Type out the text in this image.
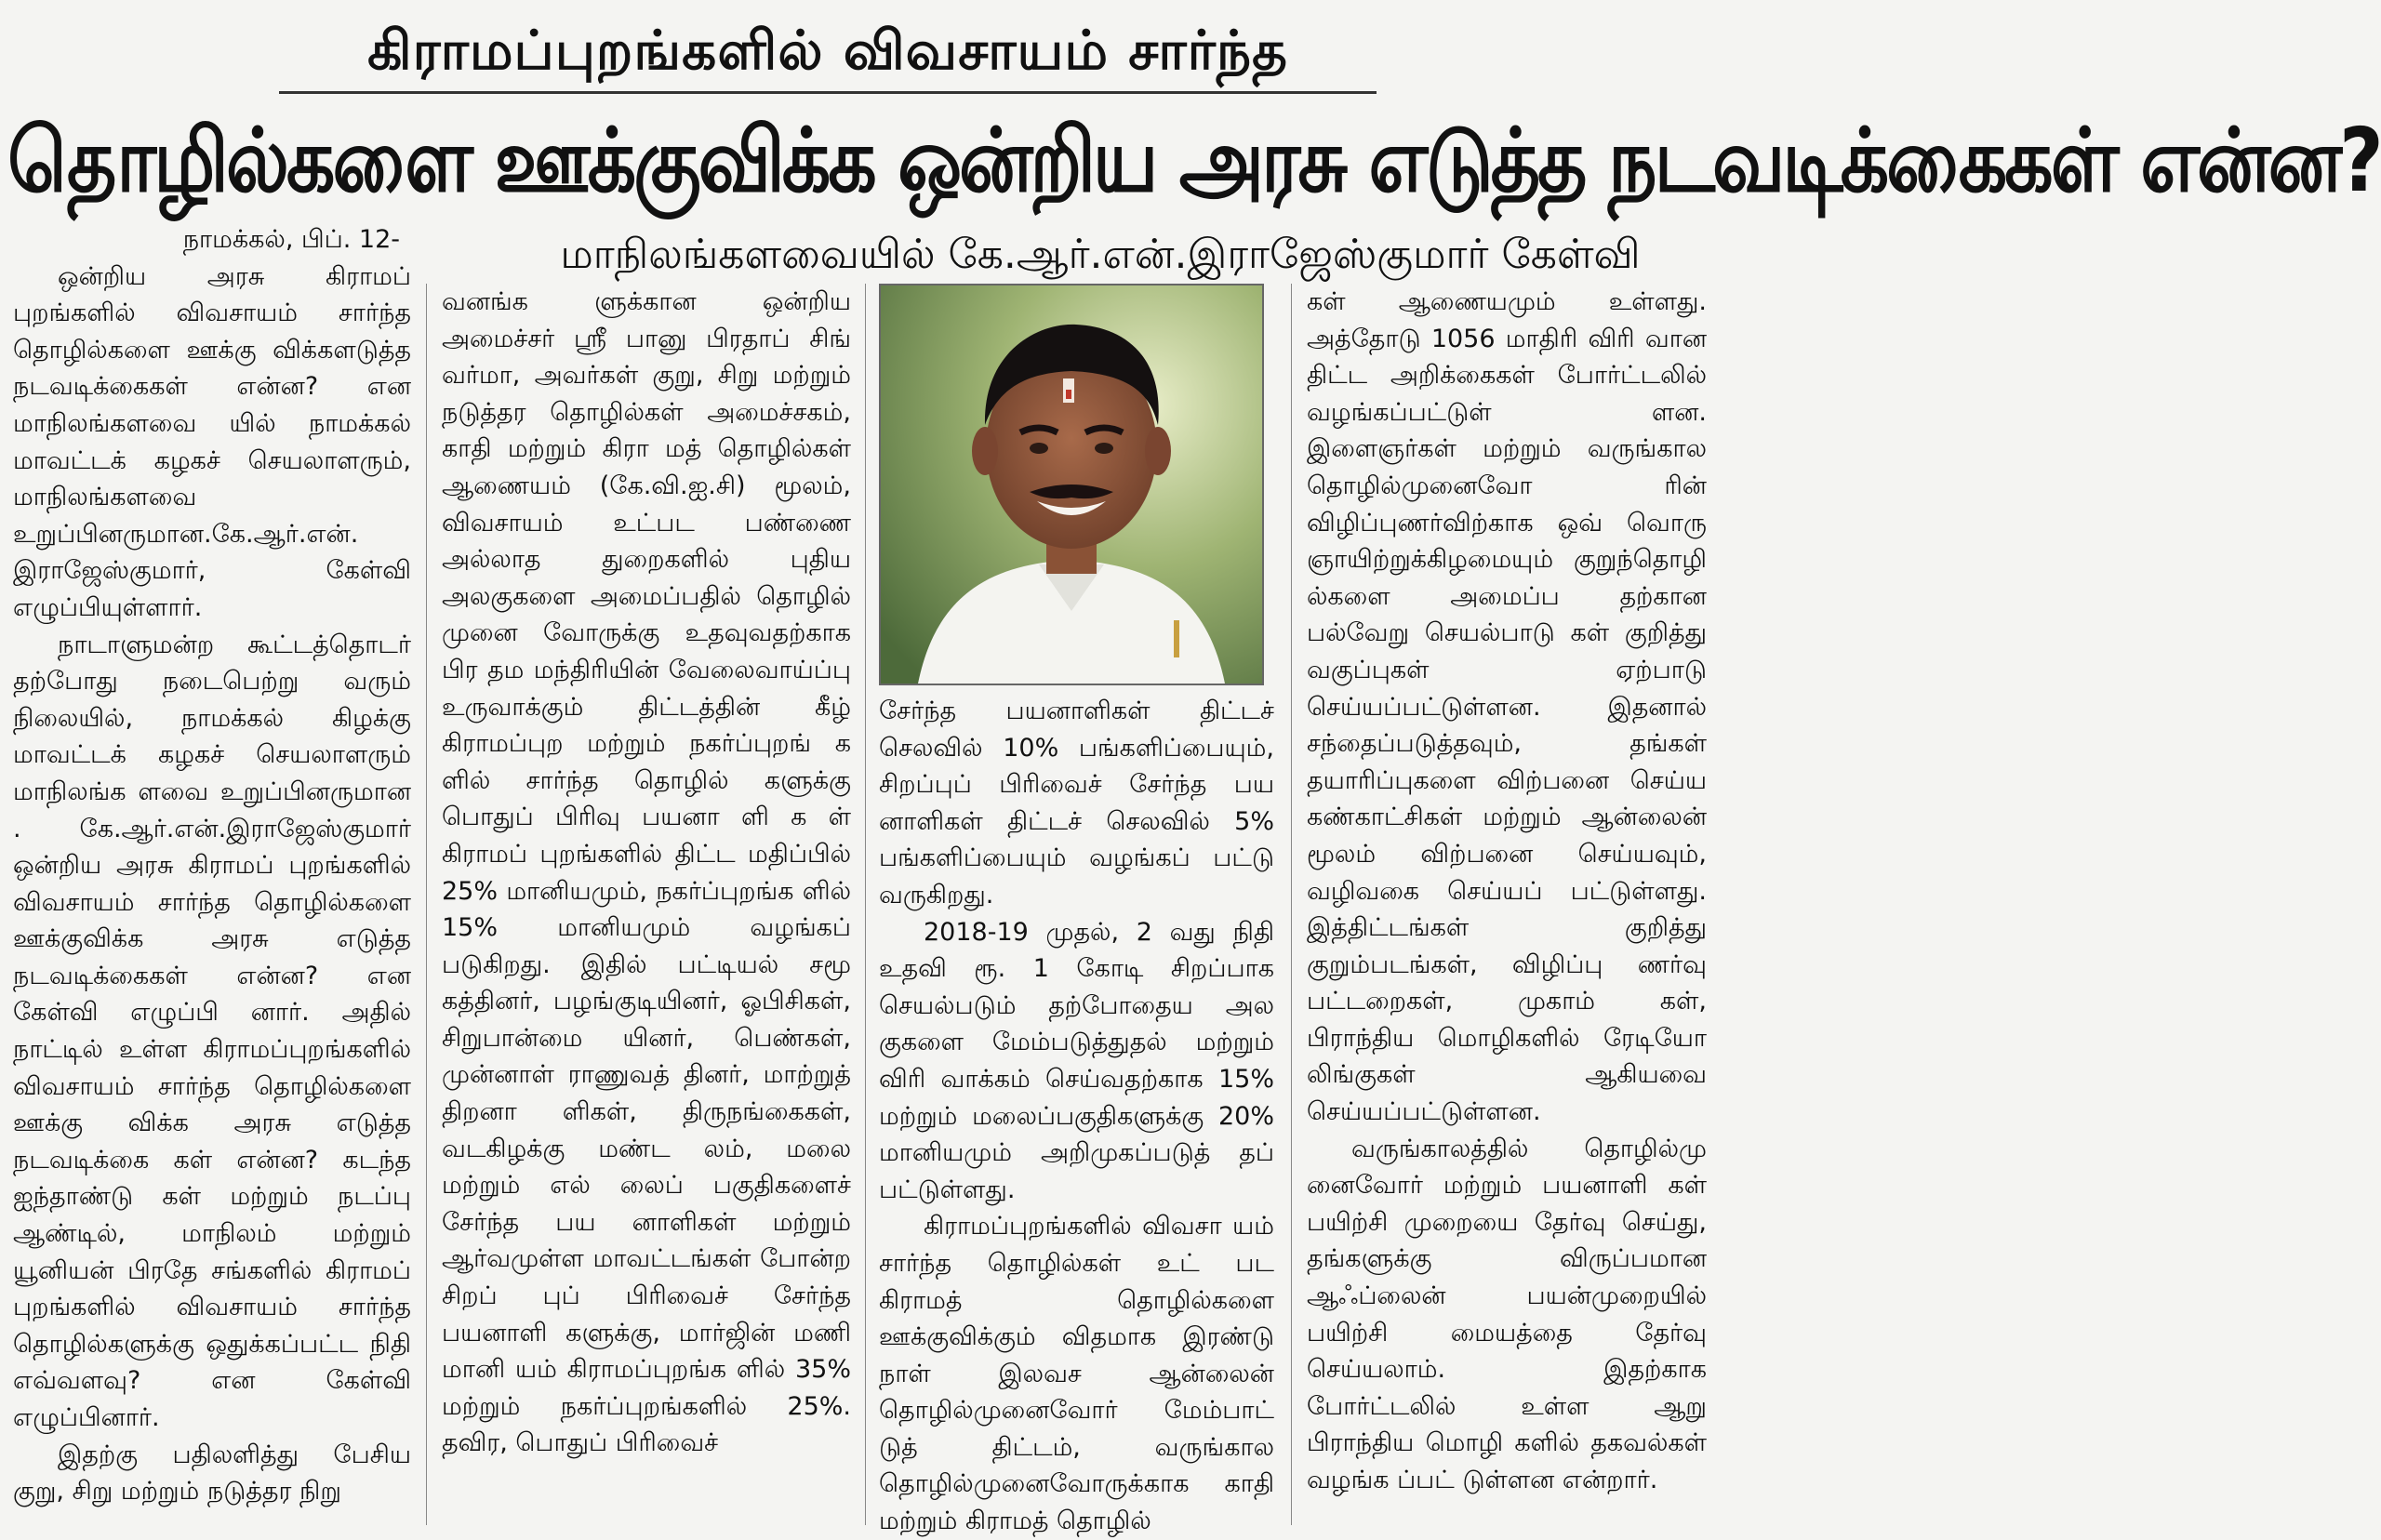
கிராமப்புறங்களில் விவசாயம் சார்ந்த
தொழில்களை ஊக்குவிக்க ஒன்றிய அரசு எடுத்த நடவடிக்கைகள் என்ன?
மாநிலங்களவையில் கே.ஆர்.என்.இராஜேஸ்குமார் கேள்வி

நாமக்கல், பிப். 12-

ஒன்றிய அரசு கிராமப் புறங்களில் விவசாயம் சார்ந்த தொழில்களை ஊக்கு விக்களடுத்த நடவடிக்கைகள் என்ன? என மாநிலங்களவை யில் நாமக்கல் மாவட்டக் கழகச் செயலாளரும், மாநிலங்களவை உறுப்பினருமான.கே.ஆர்.என். இராஜேஸ்குமார், கேள்வி எழுப்பியுள்ளார்.

நாடாளுமன்ற கூட்டத்தொடர் தற்போது நடைபெற்று வரும் நிலையில், நாமக்கல் கிழக்கு மாவட்டக் கழகச் செயலாளரும் மாநிலங்க ளவை உறுப்பினருமான . கே.ஆர்.என்.இராஜேஸ்குமார் ஒன்றிய அரசு கிராமப் புறங்களில் விவசாயம் சார்ந்த தொழில்களை ஊக்குவிக்க அரசு எடுத்த நடவடிக்கைகள் என்ன? என கேள்வி எழுப்பி னார். அதில் நாட்டில் உள்ள கிராமப்புறங்களில் விவசாயம் சார்ந்த தொழில்களை ஊக்கு விக்க அரசு எடுத்த நடவடிக்கை கள் என்ன? கடந்த ஐந்தாண்டு கள் மற்றும் நடப்பு ஆண்டில், மாநிலம் மற்றும் யூனியன் பிரதே சங்களில் கிராமப் புறங்களில் விவசாயம் சார்ந்த தொழில்களுக்கு ஒதுக்கப்பட்ட நிதி எவ்வளவு? என கேள்வி எழுப்பினார்.

இதற்கு பதிலளித்து பேசிய குறு, சிறு மற்றும் நடுத்தர நிறு

வனங்க ளுக்கான ஒன்றிய அமைச்சர் ஸ்ரீ பானு பிரதாப் சிங் வர்மா, அவர்கள் குறு, சிறு மற்றும் நடுத்தர தொழில்கள் அமைச்சகம், காதி மற்றும் கிரா மத் தொழில்கள் ஆணையம் (கே.வி.ஐ.சி) மூலம், விவசாயம் உட்பட பண்ணை அல்லாத துறைகளில் புதிய அலகுகளை அமைப்பதில் தொழில் முனை வோருக்கு உதவுவதற்காக பிர தம மந்திரியின் வேலைவாய்ப்பு உருவாக்கும் திட்டத்தின் கீழ் கிராமப்புற மற்றும் நகர்ப்புறங் க ளில் சார்ந்த தொழில் களுக்கு பொதுப் பிரிவு பயனா ளி க ள் கிராமப் புறங்களில் திட்ட மதிப்பில் 25% மானியமும், நகர்ப்புறங்க ளில் 15% மானியமும் வழங்கப் படுகிறது. இதில் பட்டியல் சமூ கத்தினர், பழங்குடியினர், ஓபிசிகள், சிறுபான்மை யினர், பெண்கள், முன்னாள் ராணுவத் தினர், மாற்றுத் திறனா ளிகள், திருநங்கைகள், வடகிழக்கு மண்ட லம், மலை மற்றும் எல் லைப் பகுதிகளைச் சேர்ந்த பய னாளிகள் மற்றும் ஆர்வமுள்ள மாவட்டங்கள் போன்ற சிறப் புப் பிரிவைச் சேர்ந்த பயனாளி களுக்கு, மார்ஜின் மணி மானி யம் கிராமப்புறங்க ளில் 35% மற்றும் நகர்ப்புறங்களில் 25%. தவிர, பொதுப் பிரிவைச்

சேர்ந்த பயனாளிகள் திட்டச் செலவில் 10% பங்களிப்பையும், சிறப்புப் பிரிவைச் சேர்ந்த பய னாளிகள் திட்டச் செலவில் 5% பங்களிப்பையும் வழங்கப் பட்டு வருகிறது.

2018-19 முதல், 2 வது நிதி உதவி ரூ. 1 கோடி சிறப்பாக செயல்படும் தற்போதைய அல குகளை மேம்படுத்துதல் மற்றும் விரி வாக்கம் செய்வதற்காக 15% மற்றும் மலைப்பகுதிகளுக்கு 20% மானியமும் அறிமுகப்படுத் தப் பட்டுள்ளது.

கிராமப்புறங்களில் விவசா யம் சார்ந்த தொழில்கள் உட் பட கிராமத் தொழில்களை ஊக்குவிக்கும் விதமாக இரண்டு நாள் இலவச ஆன்லைன் தொழில்முனைவோர் மேம்பாட் டுத் திட்டம், வருங்கால தொழில்முனைவோருக்காக காதி மற்றும் கிராமத் தொழில்

கள் ஆணையமும் உள்ளது. அத்தோடு 1056 மாதிரி விரி வான திட்ட அறிக்கைகள் போர்ட்டலில் வழங்கப்பட்டுள் ளன. இளைஞர்கள் மற்றும் வருங்கால தொழில்முனைவோ ரின் விழிப்புணர்விற்காக ஒவ் வொரு ஞாயிற்றுக்கிழமையும் குறுந்தொழி ல்களை அமைப்ப தற்கான பல்வேறு செயல்பாடு கள் குறித்து வகுப்புகள் ஏற்பாடு செய்யப்பட்டுள்ளன. இதனால் சந்தைப்படுத்தவும், தங்கள் தயாரிப்புகளை விற்பனை செய்ய கண்காட்சிகள் மற்றும் ஆன்லைன் மூலம் விற்பனை செய்யவும், வழிவகை செய்யப் பட்டுள்ளது. இத்திட்டங்கள் குறித்து குறும்படங்கள், விழிப்பு ணர்வு பட்டறைகள், முகாம் கள், பிராந்திய மொழிகளில் ரேடியோ லிங்குகள் ஆகியவை செய்யப்பட்டுள்ளன.

வருங்காலத்தில் தொழில்மு னைவோர் மற்றும் பயனாளி கள் பயிற்சி முறையை தேர்வு செய்து, தங்களுக்கு விருப்பமான ஆஃப்லைன் பயன்முறையில் பயிற்சி மையத்தை தேர்வு செய்யலாம். இதற்காக போர்ட்டலில் உள்ள ஆறு பிராந்திய மொழி களில் தகவல்கள் வழங்க ப்பட் டுள்ளன என்றார்.
